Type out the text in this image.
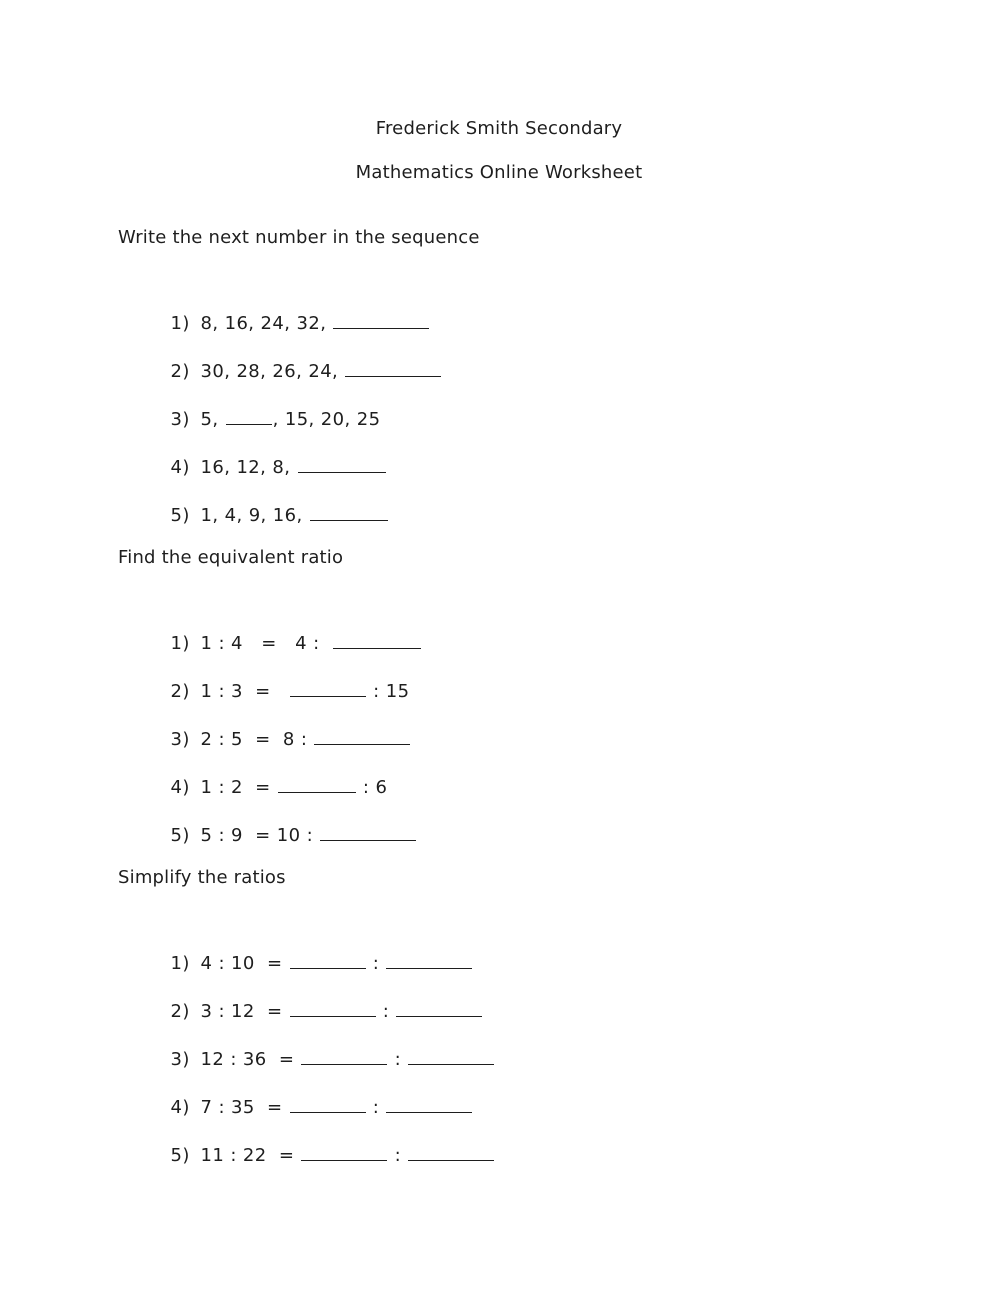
Frederick Smith Secondary
Mathematics Online Worksheet
Write the next number in the sequence

1) 8, 16, 24, 32,

2) 30, 28, 26, 24,

3) 5,	, 15, 20, 25

4) 16, 12, 8,

5) 1, 4, 9, 16,

Find the equivalent ratio

1) 1 : 4   =   4 :

2) 1 : 3  =	: 15

3) 2 : 5  =  8 :

4) 1 : 2  =	: 6

5) 5 : 9  = 10 :

Simplify the ratios

1) 4 : 10  =	:

2) 3 : 12  =	:

3) 12 : 36  =	:

4) 7 : 35  =	:

5) 11 : 22  =	:
